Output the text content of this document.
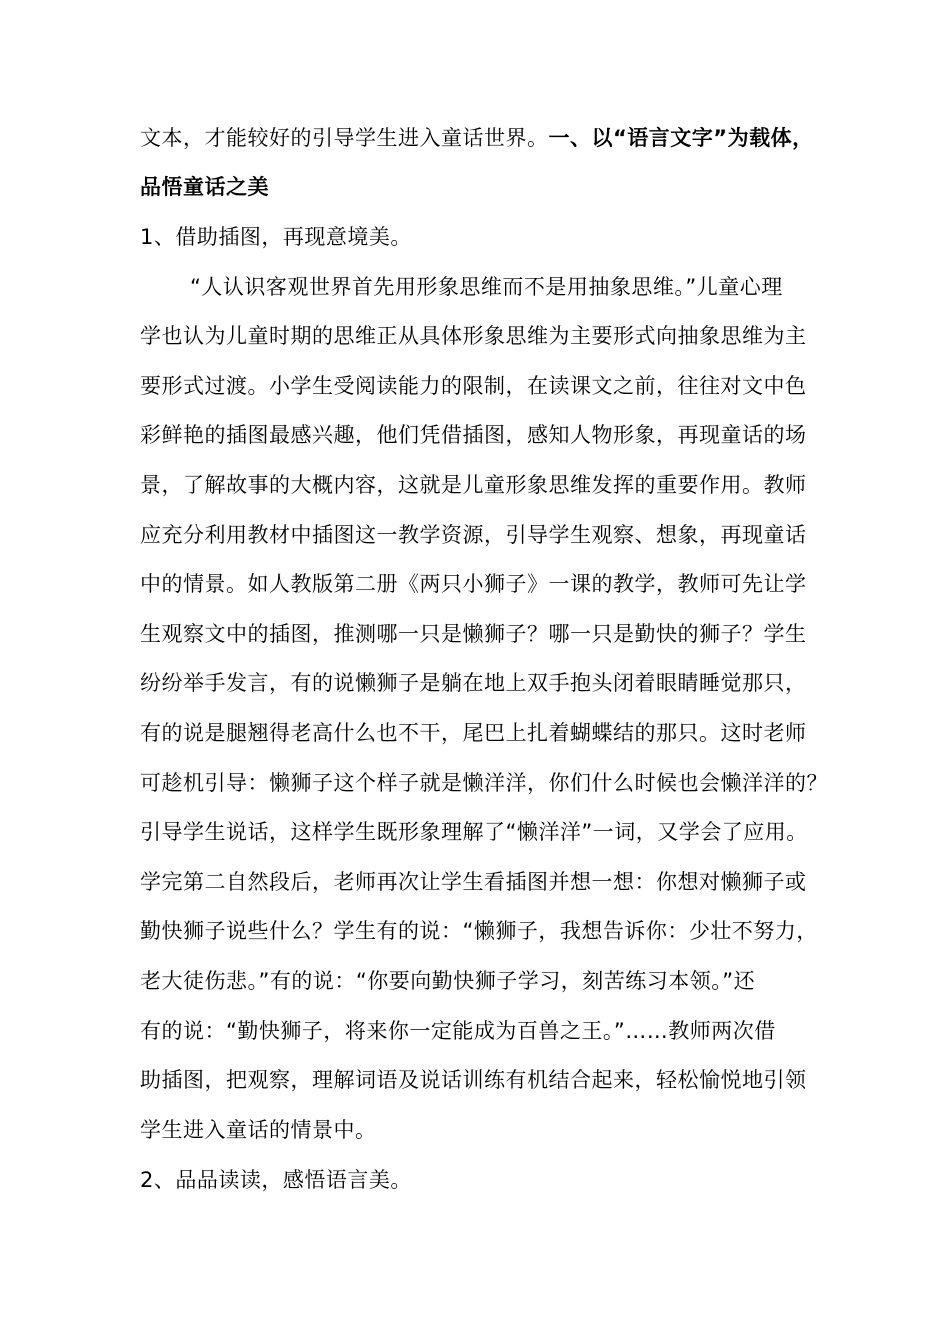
文本，才能较好的引导学生进入童话世界。一、以“语言文字”为载体，
品悟童话之美
1、借助插图，再现意境美。
“人认识客观世界首先用形象思维而不是用抽象思维。”儿童心理
学也认为儿童时期的思维正从具体形象思维为主要形式向抽象思维为主
要形式过渡。小学生受阅读能力的限制，在读课文之前，往往对文中色
彩鲜艳的插图最感兴趣，他们凭借插图，感知人物形象，再现童话的场
景，了解故事的大概内容，这就是儿童形象思维发挥的重要作用。教师
应充分利用教材中插图这一教学资源，引导学生观察、想象，再现童话
中的情景。如人教版第二册《两只小狮子》一课的教学，教师可先让学
生观察文中的插图，推测哪一只是懒狮子？哪一只是勤快的狮子？学生
纷纷举手发言，有的说懒狮子是躺在地上双手抱头闭着眼睛睡觉那只，
有的说是腿翘得老高什么也不干，尾巴上扎着蝴蝶结的那只。这时老师
可趁机引导：懒狮子这个样子就是懒洋洋，你们什么时候也会懒洋洋的？
引导学生说话，这样学生既形象理解了“懒洋洋”一词，又学会了应用。
学完第二自然段后，老师再次让学生看插图并想一想：你想对懒狮子或
勤快狮子说些什么？学生有的说：“懒狮子，我想告诉你：少壮不努力，
老大徒伤悲。”有的说：“你要向勤快狮子学习，刻苦练习本领。”还
有的说：“勤快狮子，将来你一定能成为百兽之王。”……教师两次借
助插图，把观察，理解词语及说话训练有机结合起来，轻松愉悦地引领
学生进入童话的情景中。
2、品品读读，感悟语言美。
